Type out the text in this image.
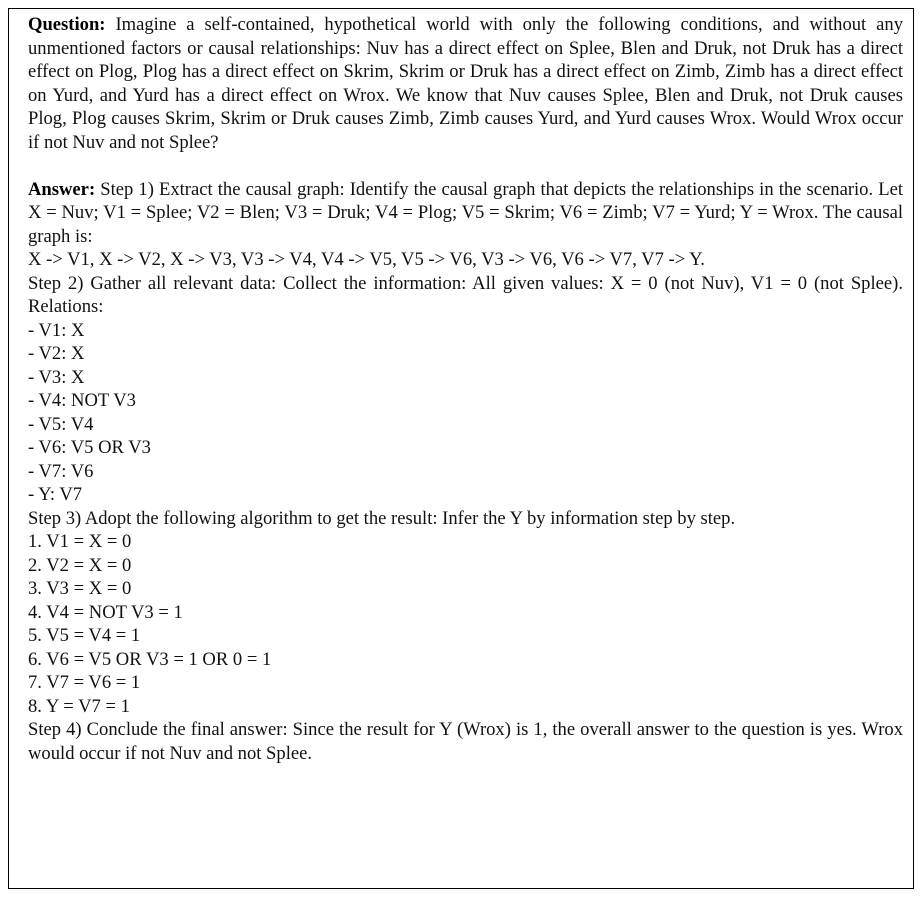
Question: Imagine a self-contained, hypothetical world with only the following conditions, and without any unmentioned factors or causal relationships: Nuv has a direct effect on Splee, Blen and Druk, not Druk has a direct effect on Plog, Plog has a direct effect on Skrim, Skrim or Druk has a direct effect on Zimb, Zimb has a direct effect on Yurd, and Yurd has a direct effect on Wrox. We know that Nuv causes Splee, Blen and Druk, not Druk causes Plog, Plog causes Skrim, Skrim or Druk causes Zimb, Zimb causes Yurd, and Yurd causes Wrox. Would Wrox occur if not Nuv and not Splee?

Answer: Step 1) Extract the causal graph: Identify the causal graph that depicts the relationships in the scenario. Let X = Nuv; V1 = Splee; V2 = Blen; V3 = Druk; V4 = Plog; V5 = Skrim; V6 = Zimb; V7 = Yurd; Y = Wrox. The causal graph is:

X -> V1, X -> V2, X -> V3, V3 -> V4, V4 -> V5, V5 -> V6, V3 -> V6, V6 -> V7, V7 -> Y.

Step 2) Gather all relevant data: Collect the information: All given values: X = 0 (not Nuv), V1 = 0 (not Splee). Relations:

- V1: X

- V2: X

- V3: X

- V4: NOT V3

- V5: V4

- V6: V5 OR V3

- V7: V6

- Y: V7

Step 3) Adopt the following algorithm to get the result: Infer the Y by information step by step.

1. V1 = X = 0

2. V2 = X = 0

3. V3 = X = 0

4. V4 = NOT V3 = 1

5. V5 = V4 = 1

6. V6 = V5 OR V3 = 1 OR 0 = 1

7. V7 = V6 = 1

8. Y = V7 = 1

Step 4) Conclude the final answer: Since the result for Y (Wrox) is 1, the overall answer to the question is yes. Wrox would occur if not Nuv and not Splee.
